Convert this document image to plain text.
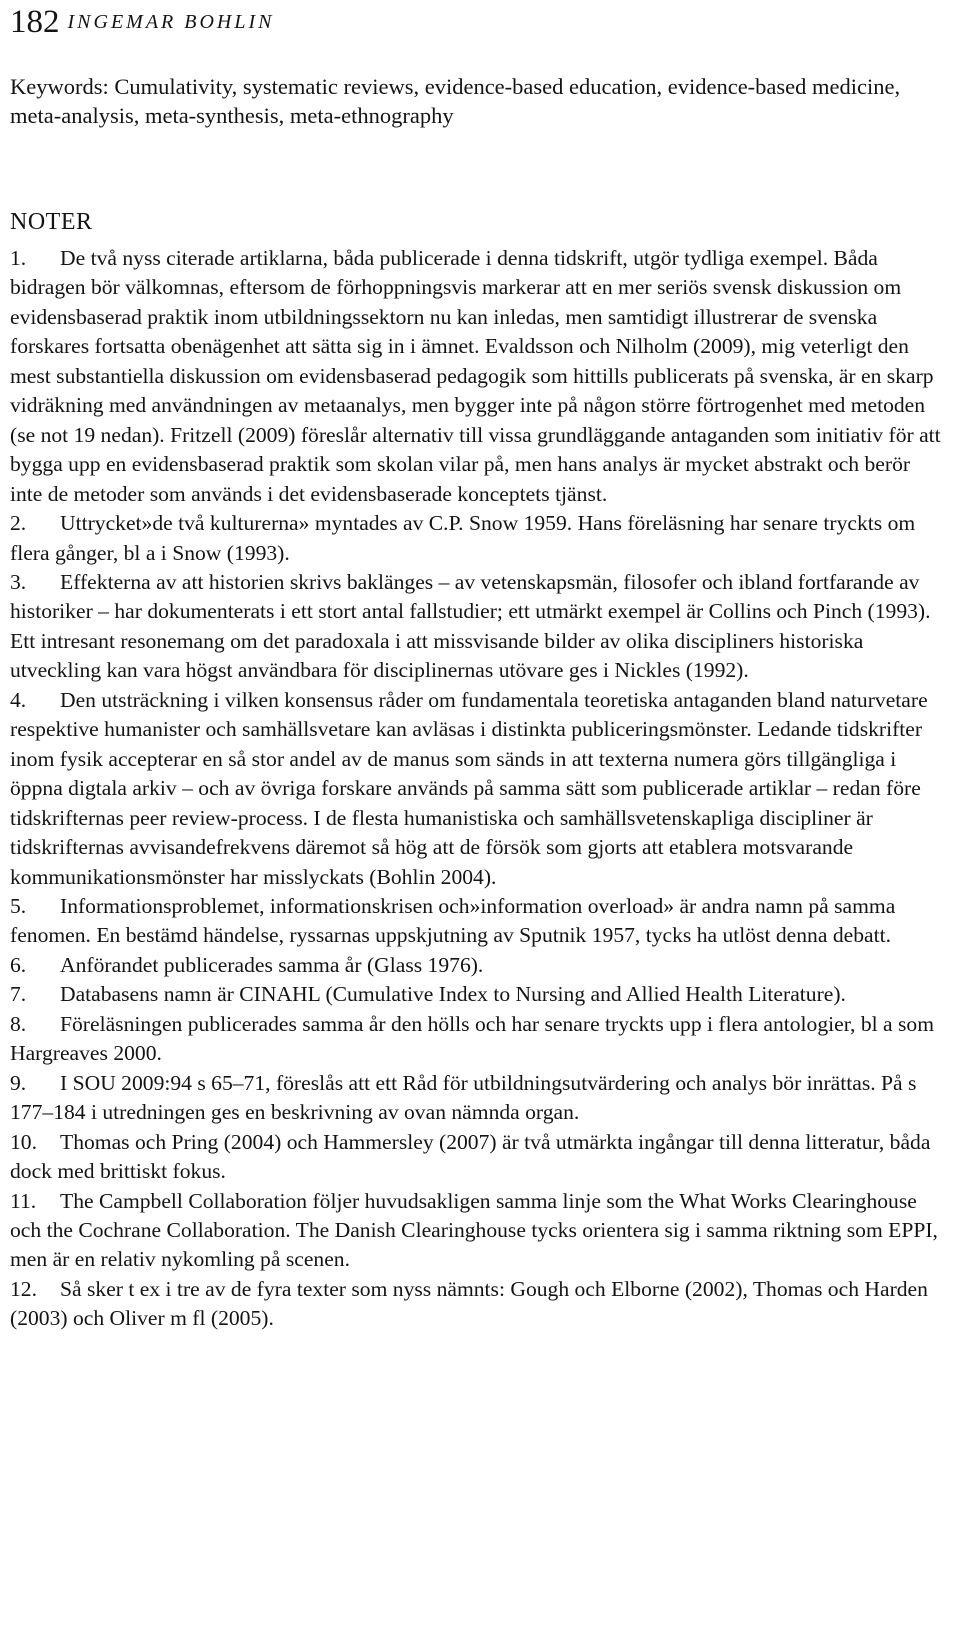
182 INGEMAR BOHLIN
Keywords: Cumulativity, systematic reviews, evidence-based education, evidence-based medicine, meta-analysis, meta-synthesis, meta-ethnography
NOTER
1. De två nyss citerade artiklarna, båda publicerade i denna tidskrift, utgör tydliga exempel. Båda bidragen bör välkomnas, eftersom de förhoppningsvis markerar att en mer seriös svensk diskussion om evidensbaserad praktik inom utbildningssektorn nu kan inledas, men samtidigt illustrerar de svenska forskares fortsatta obenägenhet att sätta sig in i ämnet. Evaldsson och Nilholm (2009), mig veterligt den mest substantiella diskussion om evidensbaserad pedagogik som hittills publicerats på svenska, är en skarp vidräkning med användningen av metaanalys, men bygger inte på någon större förtrogenhet med metoden (se not 19 nedan). Fritzell (2009) föreslår alternativ till vissa grundläggande antaganden som initiativ för att bygga upp en evidensbaserad praktik som skolan vilar på, men hans analys är mycket abstrakt och berör inte de metoder som används i det evidensbaserade konceptets tjänst.
2. Uttrycket»de två kulturerna» myntades av C.P. Snow 1959. Hans föreläsning har senare tryckts om flera gånger, bl a i Snow (1993).
3. Effekterna av att historien skrivs baklänges – av vetenskapsmän, filosofer och ibland fortfarande av historiker – har dokumenterats i ett stort antal fallstudier; ett utmärkt exempel är Collins och Pinch (1993). Ett intresant resonemang om det paradoxala i att missvisande bilder av olika discipliners historiska utveckling kan vara högst användbara för disciplinernas utövare ges i Nickles (1992).
4. Den utsträckning i vilken konsensus råder om fundamentala teoretiska antaganden bland naturvetare respektive humanister och samhällsvetare kan avläsas i distinkta publiceringsmönster. Ledande tidskrifter inom fysik accepterar en så stor andel av de manus som sänds in att texterna numera görs tillgängliga i öppna digtala arkiv – och av övriga forskare används på samma sätt som publicerade artiklar – redan före tidskrifternas peer review-process. I de flesta humanistiska och samhällsvetenskapliga discipliner är tidskrifternas avvisandefrekvens däremot så hög att de försök som gjorts att etablera motsvarande kommunikationsmönster har misslyckats (Bohlin 2004).
5. Informationsproblemet, informationskrisen och»information overload» är andra namn på samma fenomen. En bestämd händelse, ryssarnas uppskjutning av Sputnik 1957, tycks ha utlöst denna debatt.
6. Anförandet publicerades samma år (Glass 1976).
7. Databasens namn är CINAHL (Cumulative Index to Nursing and Allied Health Literature).
8. Föreläsningen publicerades samma år den hölls och har senare tryckts upp i flera antologier, bl a som Hargreaves 2000.
9. I SOU 2009:94 s 65–71, föreslås att ett Råd för utbildningsutvärdering och analys bör inrättas. På s 177–184 i utredningen ges en beskrivning av ovan nämnda organ.
10. Thomas och Pring (2004) och Hammersley (2007) är två utmärkta ingångar till denna litteratur, båda dock med brittiskt fokus.
11. The Campbell Collaboration följer huvudsakligen samma linje som the What Works Clearinghouse och the Cochrane Collaboration. The Danish Clearinghouse tycks orientera sig i samma riktning som EPPI, men är en relativ nykomling på scenen.
12. Så sker t ex i tre av de fyra texter som nyss nämnts: Gough och Elborne (2002), Thomas och Harden (2003) och Oliver m fl (2005).
